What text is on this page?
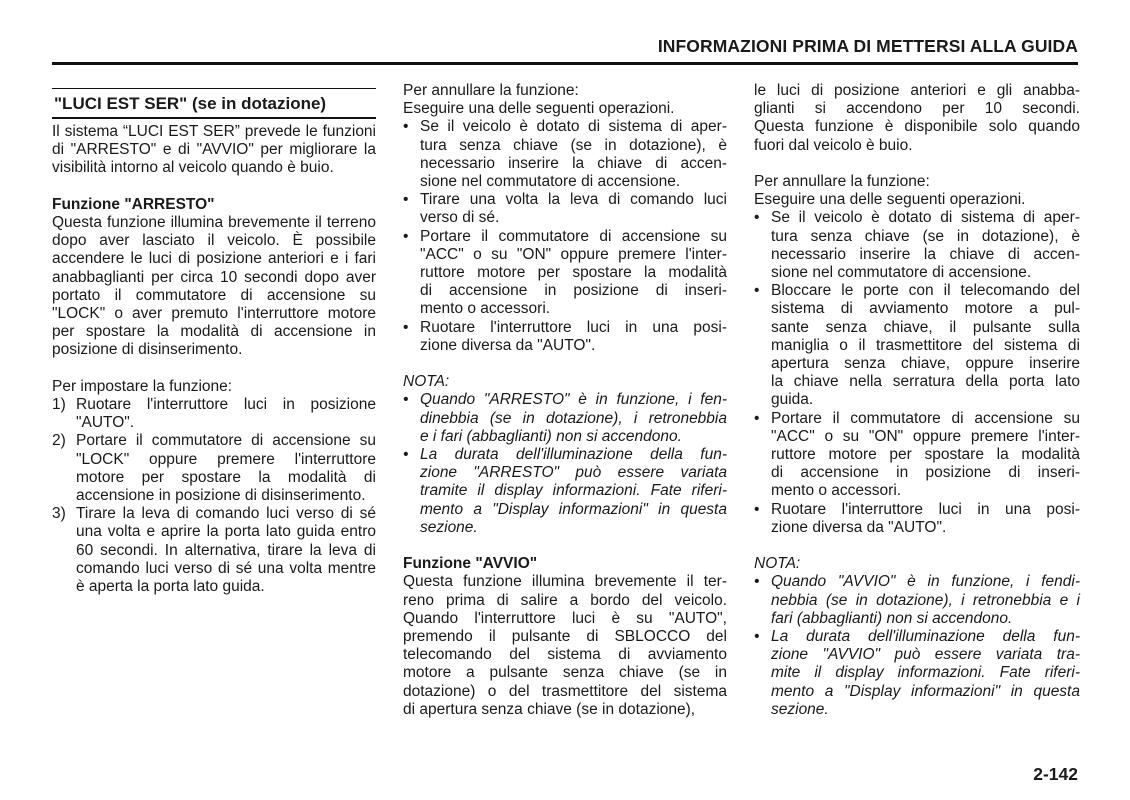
INFORMAZIONI PRIMA DI METTERSI ALLA GUIDA
"LUCI EST SER" (se in dotazione)
Il sistema “LUCI EST SER” prevede le funzioni di "ARRESTO" e di "AVVIO" per migliorare la visibilità intorno al veicolo quando è buio.
Funzione "ARRESTO"
Questa funzione illumina brevemente il terreno dopo aver lasciato il veicolo. È possibile accendere le luci di posizione anteriori e i fari anabbaglianti per circa 10 secondi dopo aver portato il commutatore di accensione su "LOCK" o aver premuto l'interruttore motore per spostare la modalità di accensione in posizione di disinserimento.
Per impostare la funzione:
1) Ruotare l'interruttore luci in posizione "AUTO".
2) Portare il commutatore di accensione su "LOCK" oppure premere l'interruttore motore per spostare la modalità di accensione in posizione di disinserimento.
3) Tirare la leva di comando luci verso di sé una volta e aprire la porta lato guida entro 60 secondi. In alternativa, tirare la leva di comando luci verso di sé una volta mentre è aperta la porta lato guida.
Per annullare la funzione:
Eseguire una delle seguenti operazioni.
• Se il veicolo è dotato di sistema di aper-
tura senza chiave (se in dotazione), è
necessario inserire la chiave di accen-
sione nel commutatore di accensione.
• Tirare una volta la leva di comando luci
verso di sé.
• Portare il commutatore di accensione su
"ACC" o su "ON" oppure premere l'inter-
ruttore motore per spostare la modalità
di accensione in posizione di inseri-
mento o accessori.
• Ruotare l'interruttore luci in una posi-
zione diversa da "AUTO".
NOTA:
• Quando "ARRESTO" è in funzione, i fen-
dinebbia (se in dotazione), i retronebbia
e i fari (abbaglianti) non si accendono.
• La durata dell'illuminazione della fun-
zione "ARRESTO" può essere variata
tramite il display informazioni. Fate riferi-
mento a "Display informazioni" in questa
sezione.
Funzione "AVVIO"
Questa funzione illumina brevemente il ter-
reno prima di salire a bordo del veicolo.
Quando l'interruttore luci è su "AUTO",
premendo il pulsante di SBLOCCO del
telecomando del sistema di avviamento
motore a pulsante senza chiave (se in
dotazione) o del trasmettitore del sistema
di apertura senza chiave (se in dotazione),
le luci di posizione anteriori e gli anabba-
glianti si accendono per 10 secondi.
Questa funzione è disponibile solo quando
fuori dal veicolo è buio.
Per annullare la funzione:
Eseguire una delle seguenti operazioni.
• Se il veicolo è dotato di sistema di aper-
tura senza chiave (se in dotazione), è
necessario inserire la chiave di accen-
sione nel commutatore di accensione.
• Bloccare le porte con il telecomando del
sistema di avviamento motore a pul-
sante senza chiave, il pulsante sulla
maniglia o il trasmettitore del sistema di
apertura senza chiave, oppure inserire
la chiave nella serratura della porta lato
guida.
• Portare il commutatore di accensione su
"ACC" o su "ON" oppure premere l'inter-
ruttore motore per spostare la modalità
di accensione in posizione di inseri-
mento o accessori.
• Ruotare l'interruttore luci in una posi-
zione diversa da "AUTO".
NOTA:
• Quando "AVVIO" è in funzione, i fendi-
nebbia (se in dotazione), i retronebbia e i
fari (abbaglianti) non si accendono.
• La durata dell'illuminazione della fun-
zione "AVVIO" può essere variata tra-
mite il display informazioni. Fate riferi-
mento a "Display informazioni" in questa
sezione.
2-142
